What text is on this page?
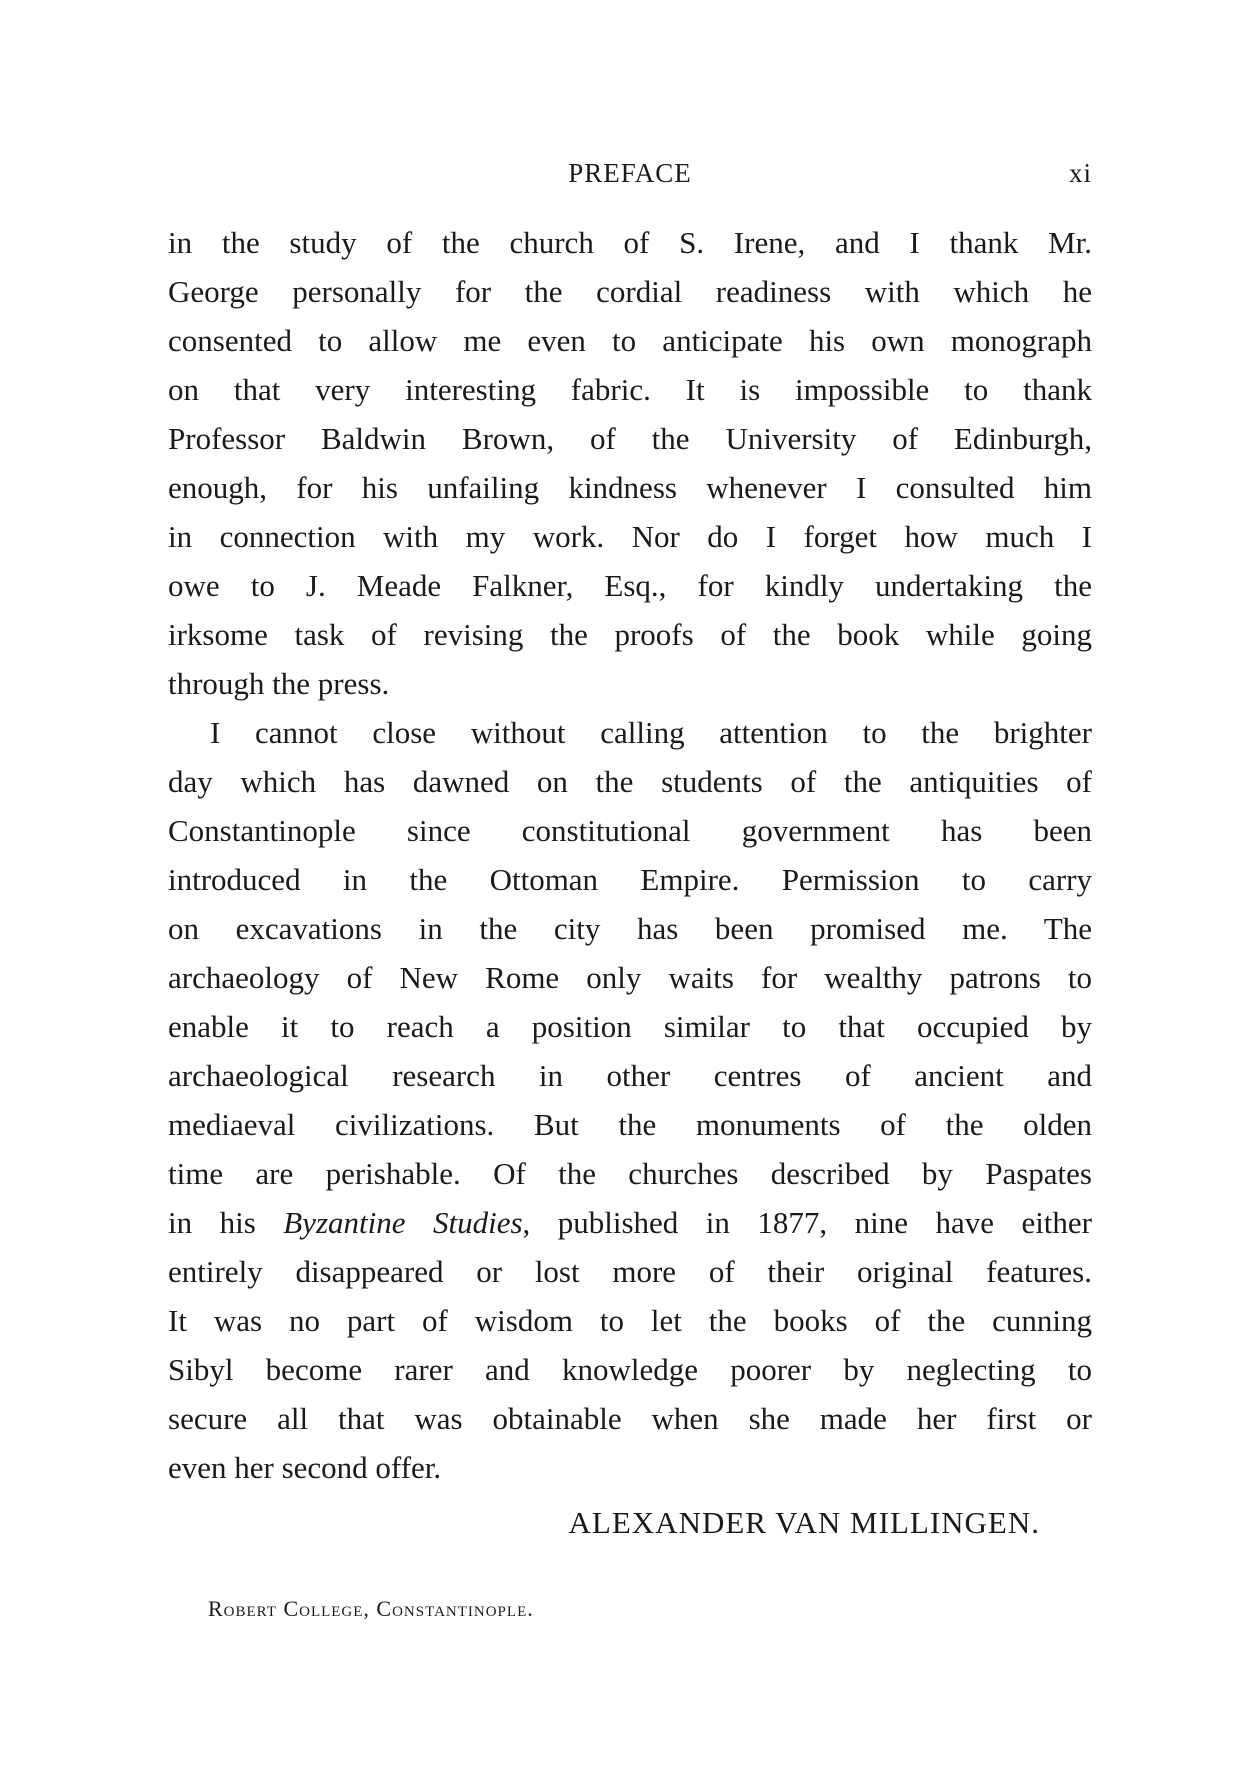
PREFACE	xi
in the study of the church of S. Irene, and I thank Mr.
George personally for the cordial readiness with which he
consented to allow me even to anticipate his own monograph
on that very interesting fabric. It is impossible to thank
Professor Baldwin Brown, of the University of Edinburgh,
enough, for his unfailing kindness whenever I consulted him
in connection with my work. Nor do I forget how much I
owe to J. Meade Falkner, Esq., for kindly undertaking the
irksome task of revising the proofs of the book while going
through the press.
I cannot close without calling attention to the brighter
day which has dawned on the students of the antiquities of
Constantinople since constitutional government has been
introduced in the Ottoman Empire. Permission to carry
on excavations in the city has been promised me. The
archaeology of New Rome only waits for wealthy patrons to
enable it to reach a position similar to that occupied by
archaeological research in other centres of ancient and
mediaeval civilizations. But the monuments of the olden
time are perishable. Of the churches described by Paspates
in his Byzantine Studies, published in 1877, nine have either
entirely disappeared or lost more of their original features.
It was no part of wisdom to let the books of the cunning
Sibyl become rarer and knowledge poorer by neglecting to
secure all that was obtainable when she made her first or
even her second offer.
ALEXANDER VAN MILLINGEN.
Robert College, Constantinople.
